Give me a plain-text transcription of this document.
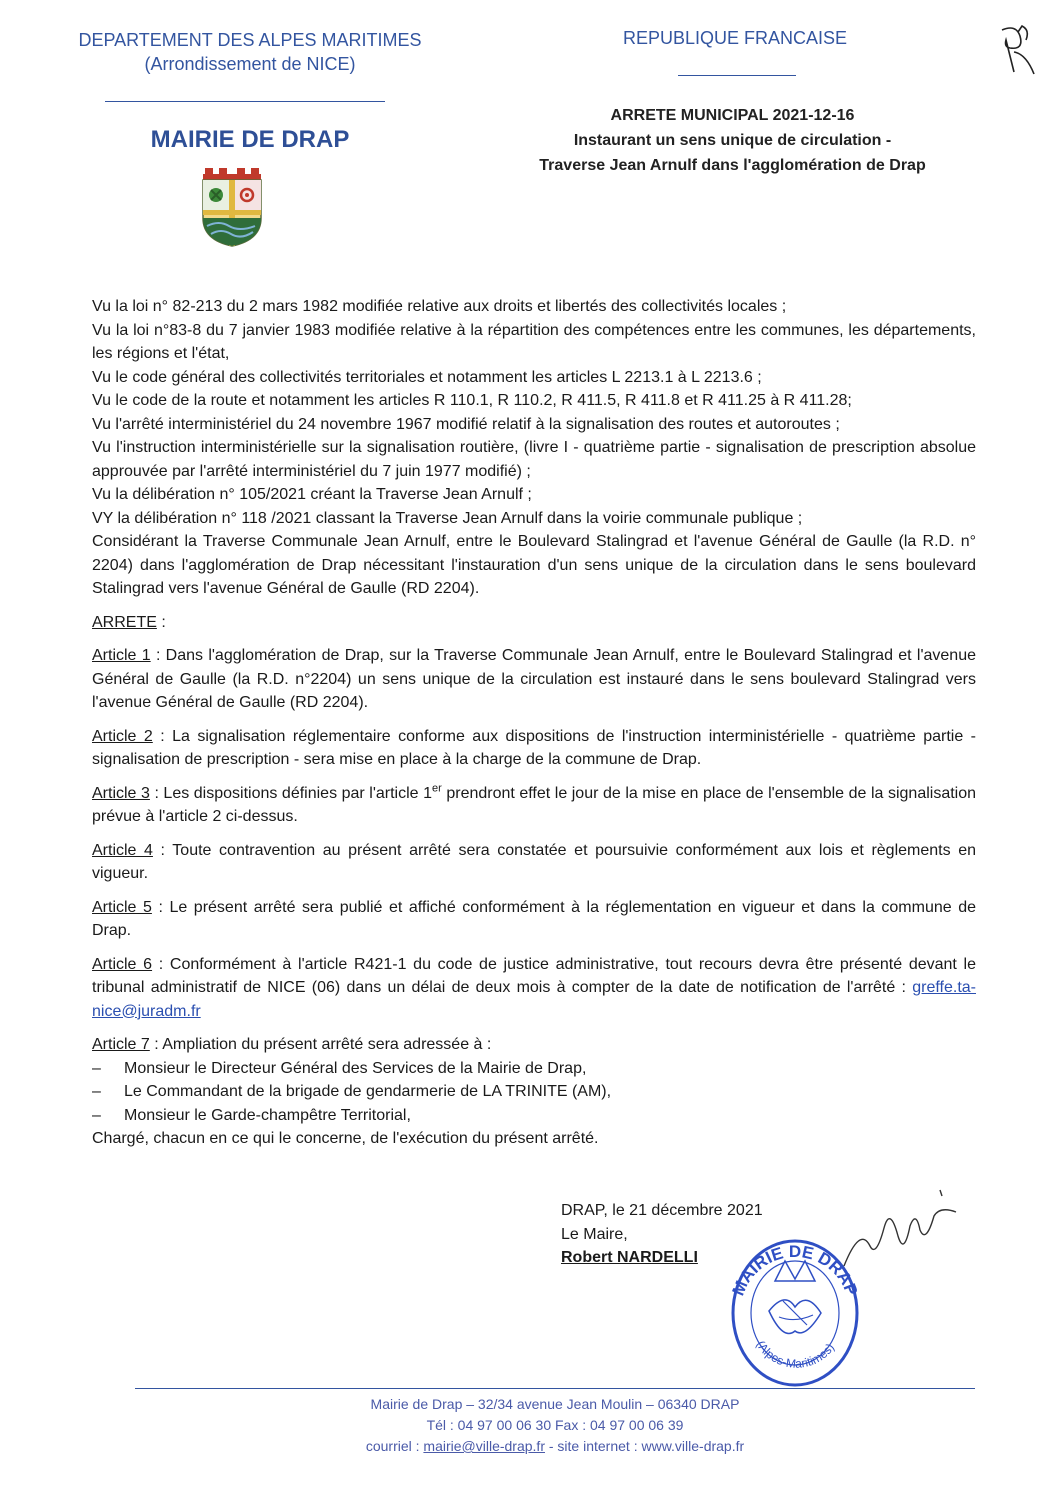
DEPARTEMENT DES ALPES MARITIMES
(Arrondissement de NICE)
MAIRIE DE DRAP
REPUBLIQUE FRANCAISE
ARRETE MUNICIPAL 2021-12-16
Instaurant un sens unique de circulation -
Traverse Jean Arnulf dans l'agglomération de Drap

Vu la loi n° 82-213 du 2 mars 1982 modifiée relative aux droits et libertés des collectivités locales ;

Vu la loi n°83-8 du 7 janvier 1983 modifiée relative à la répartition des compétences entre les communes, les départements, les régions et l'état,

Vu le code général des collectivités territoriales et notamment les articles L 2213.1 à L 2213.6 ;

Vu le code de la route et notamment les articles R 110.1, R 110.2, R 411.5, R 411.8 et R 411.25 à R 411.28;

Vu l'arrêté interministériel du 24 novembre 1967 modifié relatif à la signalisation des routes et autoroutes ;

Vu l'instruction interministérielle sur la signalisation routière, (livre I - quatrième partie - signalisation de prescription absolue approuvée par l'arrêté interministériel du 7 juin 1977 modifié) ;

Vu la délibération n° 105/2021 créant la Traverse Jean Arnulf ;

VY la délibération n° 118 /2021 classant la Traverse Jean Arnulf dans la voirie communale publique ;

Considérant la Traverse Communale Jean Arnulf, entre le Boulevard Stalingrad et l'avenue Général de Gaulle (la R.D. n° 2204) dans l'agglomération de Drap nécessitant l'instauration d'un sens unique de la circulation dans le sens boulevard Stalingrad vers l'avenue Général de Gaulle (RD 2204).

ARRETE :

Article 1 : Dans l'agglomération de Drap, sur la Traverse Communale Jean Arnulf, entre le Boulevard Stalingrad et l'avenue Général de Gaulle (la R.D. n°2204) un sens unique de la circulation est instauré dans le sens boulevard Stalingrad vers l'avenue Général de Gaulle (RD 2204).

Article 2 : La signalisation réglementaire conforme aux dispositions de l'instruction interministérielle - quatrième partie - signalisation de prescription - sera mise en place à la charge de la commune de Drap.

Article 3 : Les dispositions définies par l'article 1er prendront effet le jour de la mise en place de l'ensemble de la signalisation prévue à l'article 2 ci-dessus.

Article 4 : Toute contravention au présent arrêté sera constatée et poursuivie conformément aux lois et règlements en vigueur.

Article 5 : Le présent arrêté sera publié et affiché conformément à la réglementation en vigueur et dans la commune de Drap.

Article 6 : Conformément à l'article R421-1 du code de justice administrative, tout recours devra être présenté devant le tribunal administratif de NICE (06) dans un délai de deux mois à compter de la date de notification de l'arrêté : greffe.ta-nice@juradm.fr

Article 7 : Ampliation du présent arrêté sera adressée à :

– Monsieur le Directeur Général des Services de la Mairie de Drap,

– Le Commandant de la brigade de gendarmerie de LA TRINITE (AM),

– Monsieur le Garde-champêtre Territorial,

Chargé, chacun en ce qui le concerne, de l'exécution du présent arrêté.

DRAP, le 21 décembre 2021
Le Maire,
Robert NARDELLI
MAIRIE DE DRAP
(Alpes-Maritimes)
Mairie de Drap – 32/34 avenue Jean Moulin – 06340 DRAP
Tél : 04 97 00 06 30 Fax : 04 97 00 06 39
courriel : mairie@ville-drap.fr - site internet : www.ville-drap.fr
